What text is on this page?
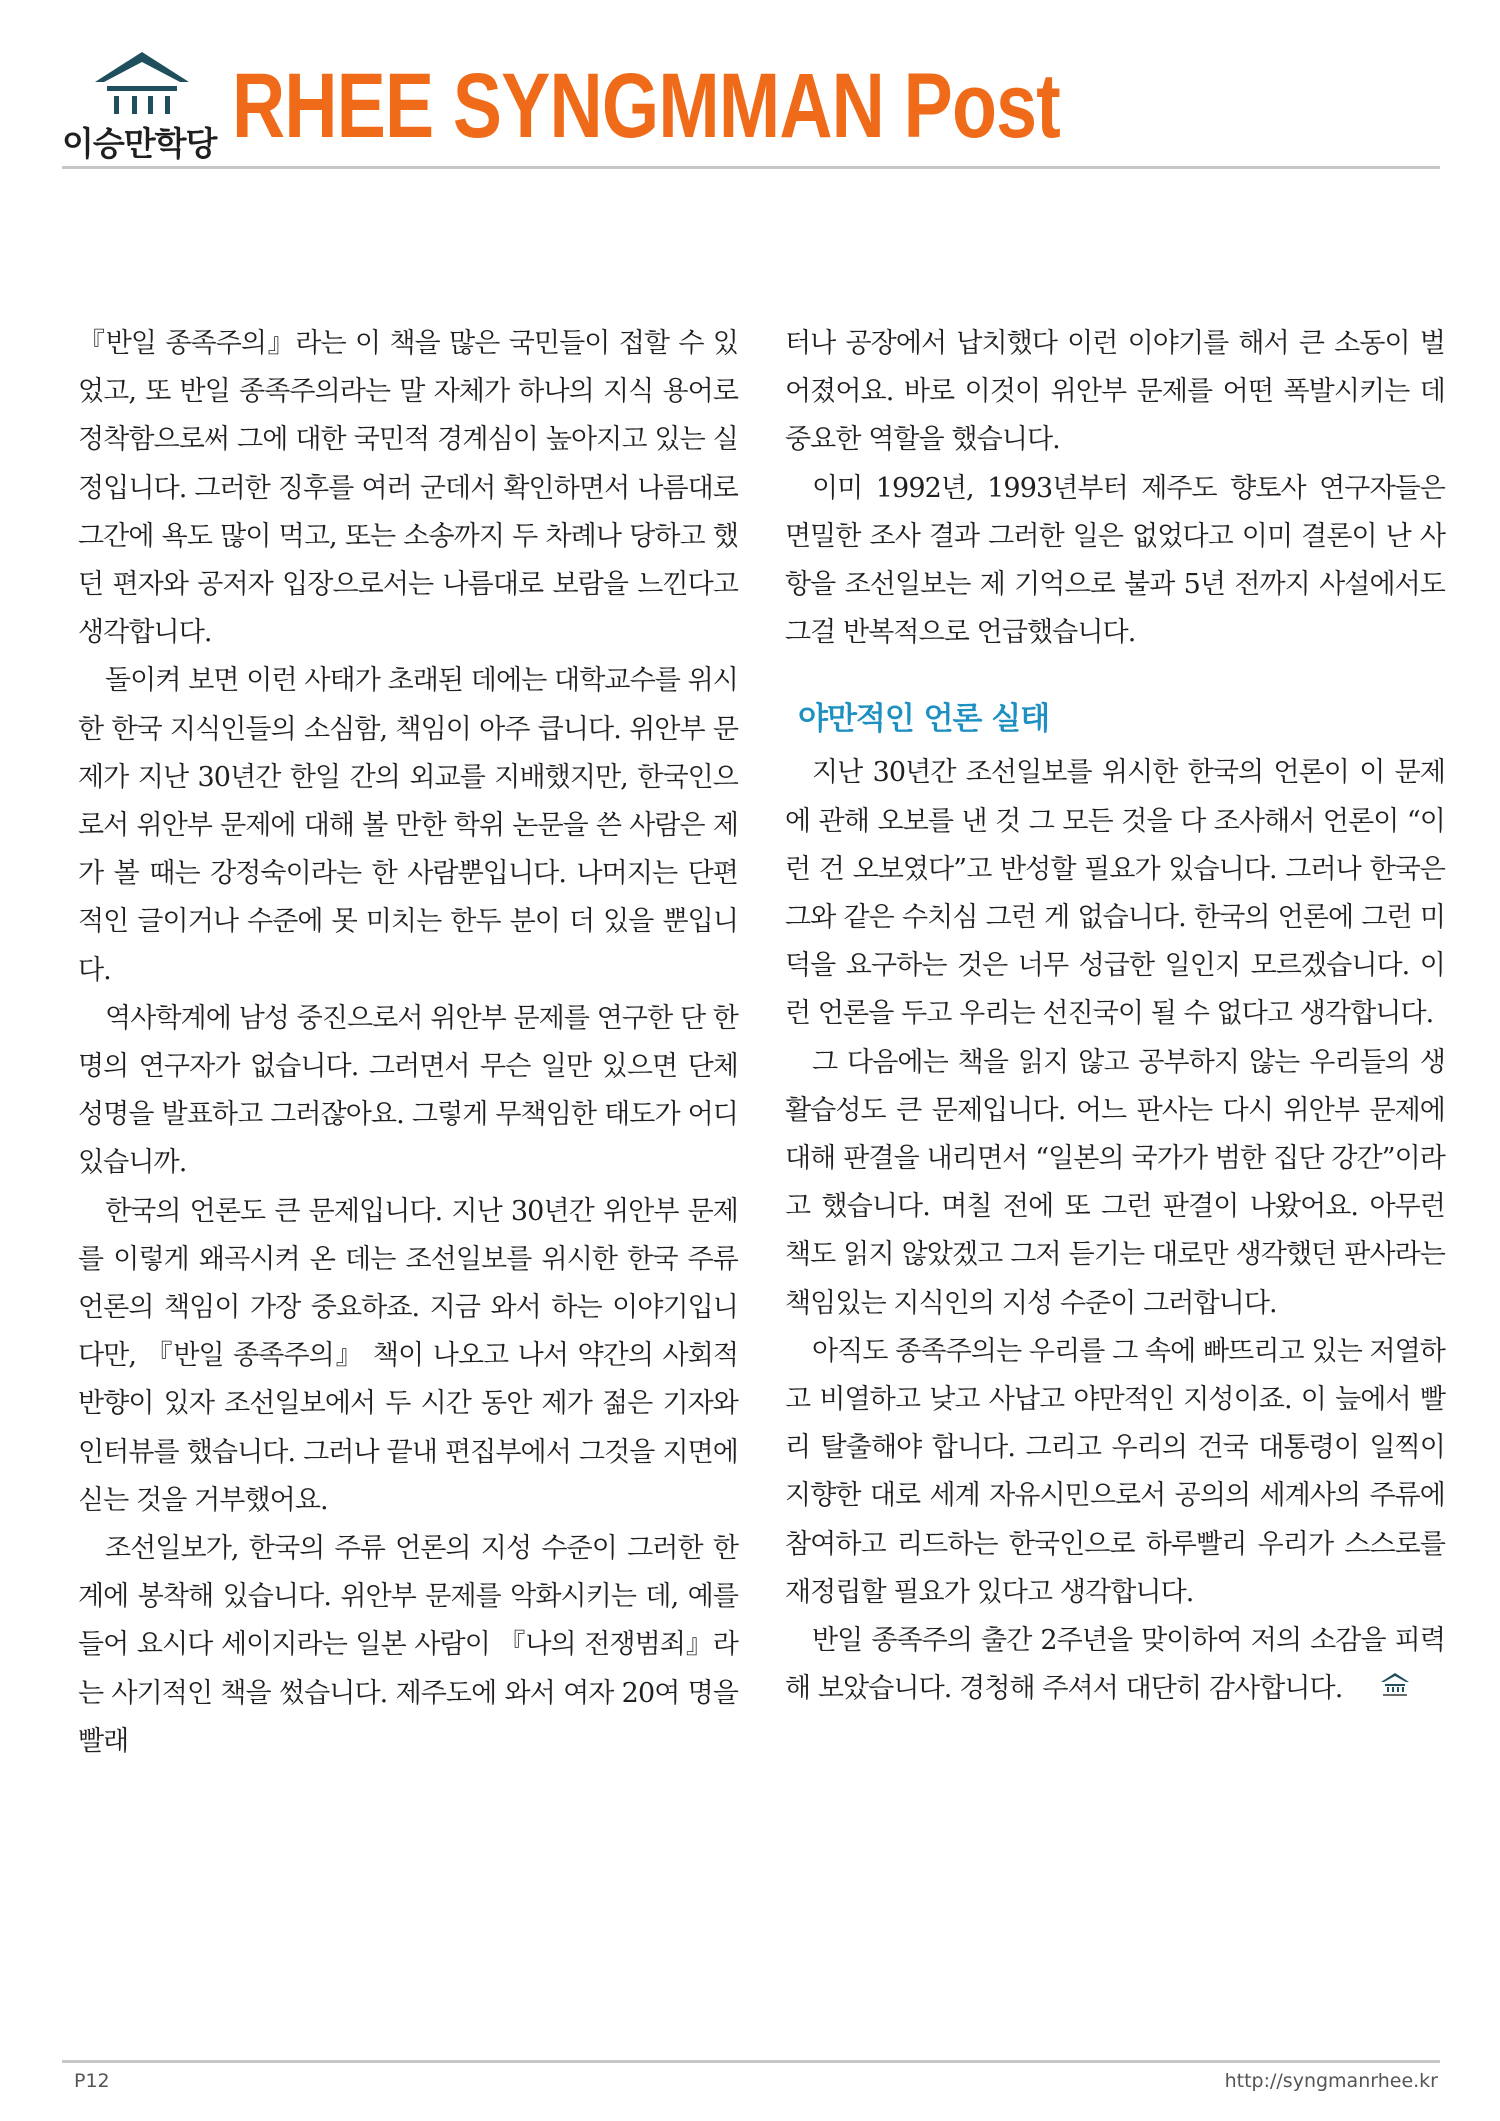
이승만학당 RHEE SYNGMMAN Post

『반일 종족주의』라는 이 책을 많은 국민들이 접할 수 있었고, 또 반일 종족주의라는 말 자체가 하나의 지식 용어로 정착함으로써 그에 대한 국민적 경계심이 높아지고 있는 실정입니다. 그러한 징후를 여러 군데서 확인하면서 나름대로 그간에 욕도 많이 먹고, 또는 소송까지 두 차례나 당하고 했던 편자와 공저자 입장으로서는 나름대로 보람을 느낀다고 생각합니다.

돌이켜 보면 이런 사태가 초래된 데에는 대학교수를 위시한 한국 지식인들의 소심함, 책임이 아주 큽니다. 위안부 문제가 지난 30년간 한일 간의 외교를 지배했지만, 한국인으로서 위안부 문제에 대해 볼 만한 학위 논문을 쓴 사람은 제가 볼 때는 강정숙이라는 한 사람뿐입니다. 나머지는 단편적인 글이거나 수준에 못 미치는 한두 분이 더 있을 뿐입니다.

역사학계에 남성 중진으로서 위안부 문제를 연구한 단 한 명의 연구자가 없습니다. 그러면서 무슨 일만 있으면 단체 성명을 발표하고 그러잖아요. 그렇게 무책임한 태도가 어디 있습니까.

한국의 언론도 큰 문제입니다. 지난 30년간 위안부 문제를 이렇게 왜곡시켜 온 데는 조선일보를 위시한 한국 주류언론의 책임이 가장 중요하죠. 지금 와서 하는 이야기입니다만, 『반일 종족주의』 책이 나오고 나서 약간의 사회적 반향이 있자 조선일보에서 두 시간 동안 제가 젊은 기자와 인터뷰를 했습니다. 그러나 끝내 편집부에서 그것을 지면에 싣는 것을 거부했어요.

조선일보가, 한국의 주류 언론의 지성 수준이 그러한 한계에 봉착해 있습니다. 위안부 문제를 악화시키는 데, 예를 들어 요시다 세이지라는 일본 사람이 『나의 전쟁범죄』라는 사기적인 책을 썼습니다. 제주도에 와서 여자 20여 명을 빨래

터나 공장에서 납치했다 이런 이야기를 해서 큰 소동이 벌어졌어요. 바로 이것이 위안부 문제를 어떤 폭발시키는 데 중요한 역할을 했습니다.

이미 1992년, 1993년부터 제주도 향토사 연구자들은 면밀한 조사 결과 그러한 일은 없었다고 이미 결론이 난 사항을 조선일보는 제 기억으로 불과 5년 전까지 사설에서도 그걸 반복적으로 언급했습니다.

야만적인 언론 실태

지난 30년간 조선일보를 위시한 한국의 언론이 이 문제에 관해 오보를 낸 것 그 모든 것을 다 조사해서 언론이 “이런 건 오보였다”고 반성할 필요가 있습니다. 그러나 한국은 그와 같은 수치심 그런 게 없습니다. 한국의 언론에 그런 미덕을 요구하는 것은 너무 성급한 일인지 모르겠습니다. 이런 언론을 두고 우리는 선진국이 될 수 없다고 생각합니다.

그 다음에는 책을 읽지 않고 공부하지 않는 우리들의 생활습성도 큰 문제입니다. 어느 판사는 다시 위안부 문제에 대해 판결을 내리면서 “일본의 국가가 범한 집단 강간”이라고 했습니다. 며칠 전에 또 그런 판결이 나왔어요. 아무런 책도 읽지 않았겠고 그저 듣기는 대로만 생각했던 판사라는 책임있는 지식인의 지성 수준이 그러합니다.

아직도 종족주의는 우리를 그 속에 빠뜨리고 있는 저열하고 비열하고 낮고 사납고 야만적인 지성이죠. 이 늪에서 빨리 탈출해야 합니다. 그리고 우리의 건국 대통령이 일찍이 지향한 대로 세계 자유시민으로서 공의의 세계사의 주류에 참여하고 리드하는 한국인으로 하루빨리 우리가 스스로를 재정립할 필요가 있다고 생각합니다.

반일 종족주의 출간 2주년을 맞이하여 저의 소감을 피력해 보았습니다. 경청해 주셔서 대단히 감사합니다.

P12	http://syngmanrhee.kr
